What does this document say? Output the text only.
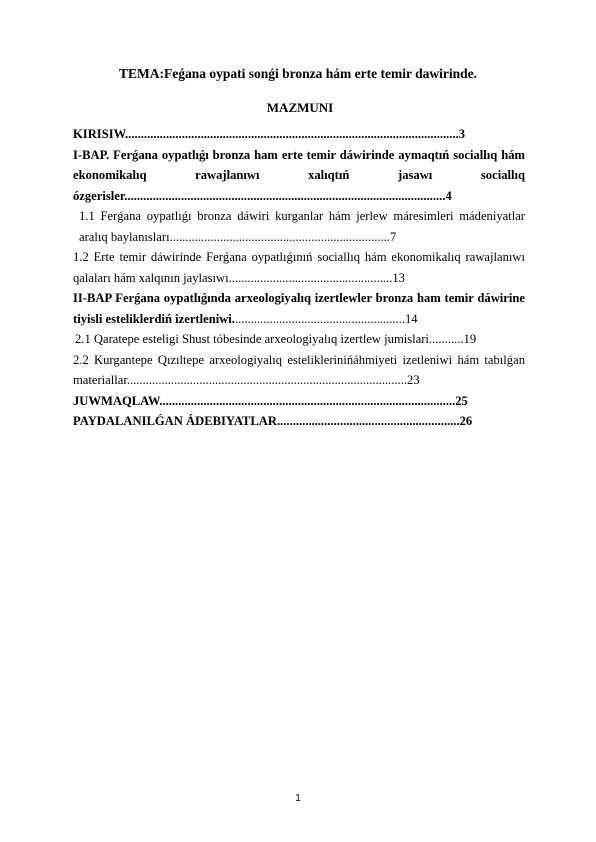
TEMA:Feǵana oypati sonǵi bronza hám erte temir dawirinde.
MAZMUNI
KIRISIW..........................................................................................................3
I-BAP. Ferǵana oypatlıǵı bronza ham erte temir dáwirinde aymaqtıń sociallıq hám ekonomikalıq rawajlanıwı xalıqtıń jasawı sociallıq ózgerisler......................................................................................................4
1.1 Ferǵana oypatlıǵı bronza dáwiri kurganlar hám jerlew máresimleri mádeniyatlar aralıq baylanısları......................................................................7
1.2 Erte temir dáwirinde Ferǵana oypatlıǵınıń sociallıq hám ekonomikalıq rawajlanıwı qalaları hám xalqının jaylasıwı....................................................13
II-BAP Ferǵana oypatlıǵında arxeologiyalıq izertlewler bronza ham temir dáwirine tiyisli esteliklerdiń izertleniwi.......................................................14
2.1 Qaratepe esteligi Shust tóbesinde arxeologiyalıq izertlew jumislari...........19
2.2 Kurgantepe Qızıltepe arxeologiyalıq esteliklerinińáhmiyeti izetleniwi hám tabılǵan materiallar.........................................................................................23
JUWMAQLAW..............................................................................................25
PAYDALANILǴAN ÁDEBIYATLAR..........................................................26
1
